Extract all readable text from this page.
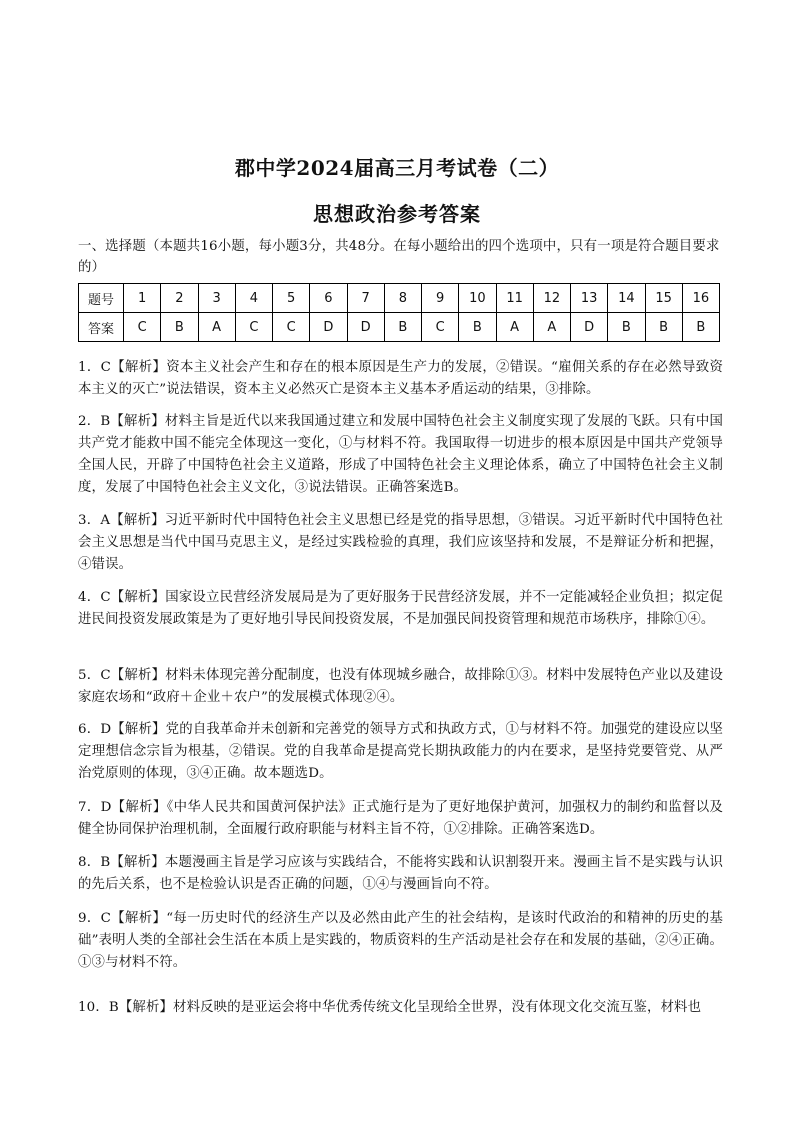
郡中学2024届高三月考试卷（二）
思想政治参考答案
一、选择题（本题共16小题，每小题3分，共48分。在每小题给出的四个选项中，只有一项是符合题目要求的）
题号	1	2	3	4	5	6	7	8	9	10	11	12	13	14	15	16
答案	C	B	A	C	C	D	D	B	C	B	A	A	D	B	B	B
1．C【解析】资本主义社会产生和存在的根本原因是生产力的发展，②错误。“雇佣关系的存在必然导致资本主义的灭亡”说法错误，资本主义必然灭亡是资本主义基本矛盾运动的结果，③排除。
2．B【解析】材料主旨是近代以来我国通过建立和发展中国特色社会主义制度实现了发展的飞跃。只有中国共产党才能救中国不能完全体现这一变化，①与材料不符。我国取得一切进步的根本原因是中国共产党领导全国人民，开辟了中国特色社会主义道路，形成了中国特色社会主义理论体系，确立了中国特色社会主义制度，发展了中国特色社会主义文化，③说法错误。正确答案选B。
3．A【解析】习近平新时代中国特色社会主义思想已经是党的指导思想，③错误。习近平新时代中国特色社会主义思想是当代中国马克思主义，是经过实践检验的真理，我们应该坚持和发展，不是辩证分析和把握，④错误。
4．C【解析】国家设立民营经济发展局是为了更好服务于民营经济发展，并不一定能减轻企业负担；拟定促进民间投资发展政策是为了更好地引导民间投资发展，不是加强民间投资管理和规范市场秩序，排除①④。
5．C【解析】材料未体现完善分配制度，也没有体现城乡融合，故排除①③。材料中发展特色产业以及建设家庭农场和“政府＋企业＋农户”的发展模式体现②④。
6．D【解析】党的自我革命并未创新和完善党的领导方式和执政方式，①与材料不符。加强党的建设应以坚定理想信念宗旨为根基，②错误。党的自我革命是提高党长期执政能力的内在要求，是坚持党要管党、从严治党原则的体现，③④正确。故本题选D。
7．D【解析】《中华人民共和国黄河保护法》正式施行是为了更好地保护黄河，加强权力的制约和监督以及健全协同保护治理机制，全面履行政府职能与材料主旨不符，①②排除。正确答案选D。
8．B【解析】本题漫画主旨是学习应该与实践结合，不能将实践和认识割裂开来。漫画主旨不是实践与认识的先后关系，也不是检验认识是否正确的问题，①④与漫画旨向不符。
9．C【解析】“每一历史时代的经济生产以及必然由此产生的社会结构，是该时代政治的和精神的历史的基础”表明人类的全部社会生活在本质上是实践的，物质资料的生产活动是社会存在和发展的基础，②④正确。①③与材料不符。
10．B【解析】材料反映的是亚运会将中华优秀传统文化呈现给全世界，没有体现文化交流互鉴，材料也
